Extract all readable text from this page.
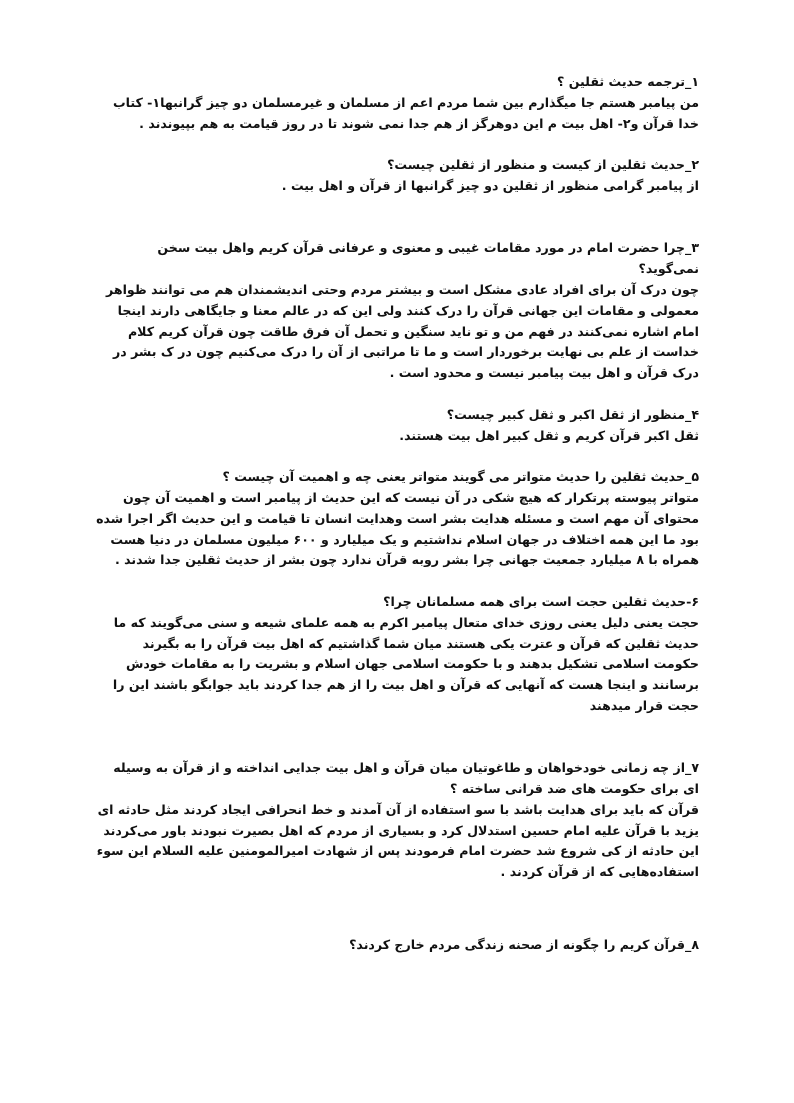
۱_ترجمه حدیث ثقلین ؟

من پیامبر هستم جا میگذارم بین شما مردم اعم از مسلمان و غیرمسلمان دو چیز گرانبها۱- کتاب خدا قرآن و۲- اهل بیت م این دوهرگز از هم جدا نمی شوند تا در روز قیامت به هم بپیوندند .

۲_حدیث ثقلین از کیست و منظور از ثقلین چیست؟

از پیامبر گرامی منظور از ثقلین دو چیز گرانبها از قرآن و اهل بیت .

۳_چرا حضرت امام در مورد مقامات غیبی و معنوی و عرفانی قرآن کریم واهل بیت سخن نمی‌گوید؟

چون درک آن برای افراد عادی مشکل است و بیشتر مردم وحتی اندیشمندان هم می توانند ظواهر معمولی و مقامات این جهانی قرآن را درک کنند ولی این که در عالم معنا و جایگاهی دارند اینجا امام اشاره نمی‌کنند در فهم من و تو ناید سنگین و تحمل آن فرق طاقت چون قرآن کریم کلام خداست از علم بی نهایت برخوردار است و ما تا مراتبی از آن را درک می‌کنیم چون در ک بشر در درک قرآن و اهل بیت پیامبر نیست و محدود است .

۴_منظور از ثقل اکبر و ثقل کبیر چیست؟

ثقل اکبر قرآن کریم و ثقل کبیر اهل بیت هستند.

۵_حدیث ثقلین را حدیث متواتر می گویند متواتر یعنی چه و اهمیت آن چیست ؟

متواتر پیوسته پرتکرار که هیچ شکی در آن نیست که این حدیث از پیامبر است و اهمیت آن چون محتوای آن مهم است و مسئله هدایت بشر است وهدایت انسان تا قیامت و این حدیث اگر اجرا شده بود ما این همه اختلاف در جهان اسلام نداشتیم و یک میلیارد و ۶۰۰ میلیون مسلمان در دنیا هست همراه با ۸ میلیارد جمعیت جهانی چرا بشر روبه قرآن ندارد چون بشر از حدیث ثقلین جدا شدند .

۶-حدیث ثقلین حجت است برای همه مسلمانان چرا؟

حجت یعنی دلیل یعنی روزی خدای متعال پیامبر اکرم به همه علمای شیعه و سنی می‌گویند که ما حدیث ثقلین که قرآن و عترت یکی هستند میان شما گذاشتیم که اهل بیت قرآن را به بگیرند حکومت اسلامی تشکیل بدهند و با حکومت اسلامی جهان اسلام و بشریت را به مقامات خودش برسانند و اینجا هست که آنهایی که قرآن و اهل بیت را از هم جدا کردند باید جوابگو باشند این را حجت قرار میدهند

۷_از چه زمانی خودخواهان و طاغوتیان میان قرآن و اهل بیت جدایی انداخته و از قرآن به وسیله ای برای حکومت های ضد قرانی ساخته ؟

قرآن که باید برای هدایت باشد با سو استفاده از آن آمدند و خط انحرافی ایجاد کردند مثل حادثه ای یزید با قرآن علیه امام حسین استدلال کرد و بسیاری از مردم که اهل بصیرت نبودند باور می‌کردند این حادثه از کی شروع شد حضرت امام فرمودند پس از شهادت امیرالمومنین علیه السلام این سوء استفاده‌هایی که از قرآن کردند .

۸_قرآن کریم را چگونه از صحنه زندگی مردم خارج کردند؟
